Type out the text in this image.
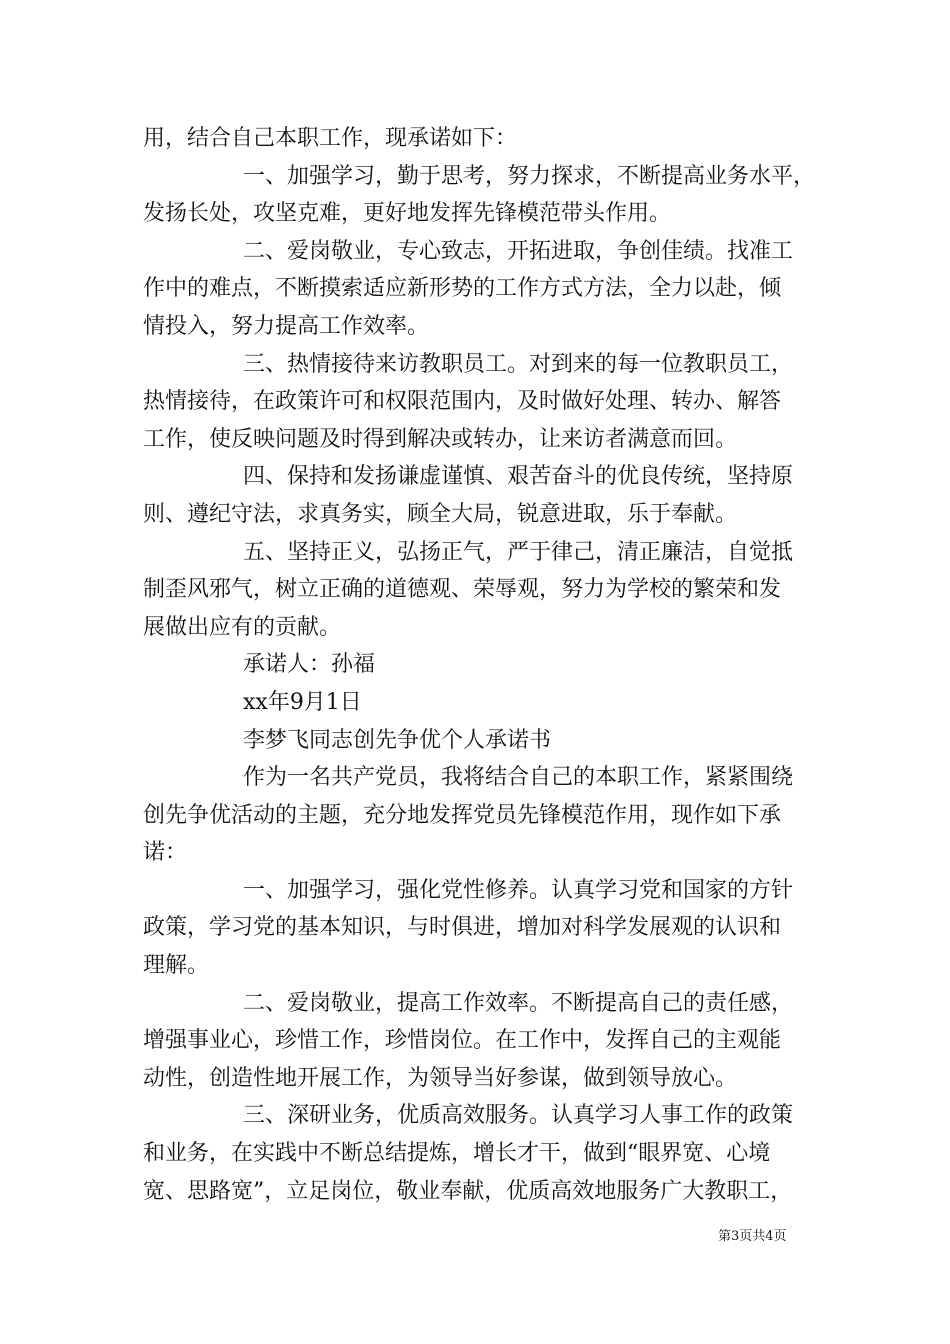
用，结合自己本职工作，现承诺如下：
一、加强学习，勤于思考，努力探求，不断提高业务水平，
发扬长处，攻坚克难，更好地发挥先锋模范带头作用。
二、爱岗敬业，专心致志，开拓进取，争创佳绩。找准工
作中的难点，不断摸索适应新形势的工作方式方法，全力以赴，倾
情投入，努力提高工作效率。
三、热情接待来访教职员工。对到来的每一位教职员工，
热情接待，在政策许可和权限范围内，及时做好处理、转办、解答
工作，使反映问题及时得到解决或转办，让来访者满意而回。
四、保持和发扬谦虚谨慎、艰苦奋斗的优良传统，坚持原
则、遵纪守法，求真务实，顾全大局，锐意进取，乐于奉献。
五、坚持正义，弘扬正气，严于律己，清正廉洁，自觉抵
制歪风邪气，树立正确的道德观、荣辱观，努力为学校的繁荣和发
展做出应有的贡献。
承诺人：孙福
xx年9月1日
李梦飞同志创先争优个人承诺书
作为一名共产党员，我将结合自己的本职工作，紧紧围绕
创先争优活动的主题，充分地发挥党员先锋模范作用，现作如下承
诺：
一、加强学习，强化党性修养。认真学习党和国家的方针
政策，学习党的基本知识，与时俱进，增加对科学发展观的认识和
理解。
二、爱岗敬业，提高工作效率。不断提高自己的责任感，
增强事业心，珍惜工作，珍惜岗位。在工作中，发挥自己的主观能
动性，创造性地开展工作，为领导当好参谋，做到领导放心。
三、深研业务，优质高效服务。认真学习人事工作的政策
和业务，在实践中不断总结提炼，增长才干，做到“眼界宽、心境
宽、思路宽”，立足岗位，敬业奉献，优质高效地服务广大教职工，
第3页共4页
